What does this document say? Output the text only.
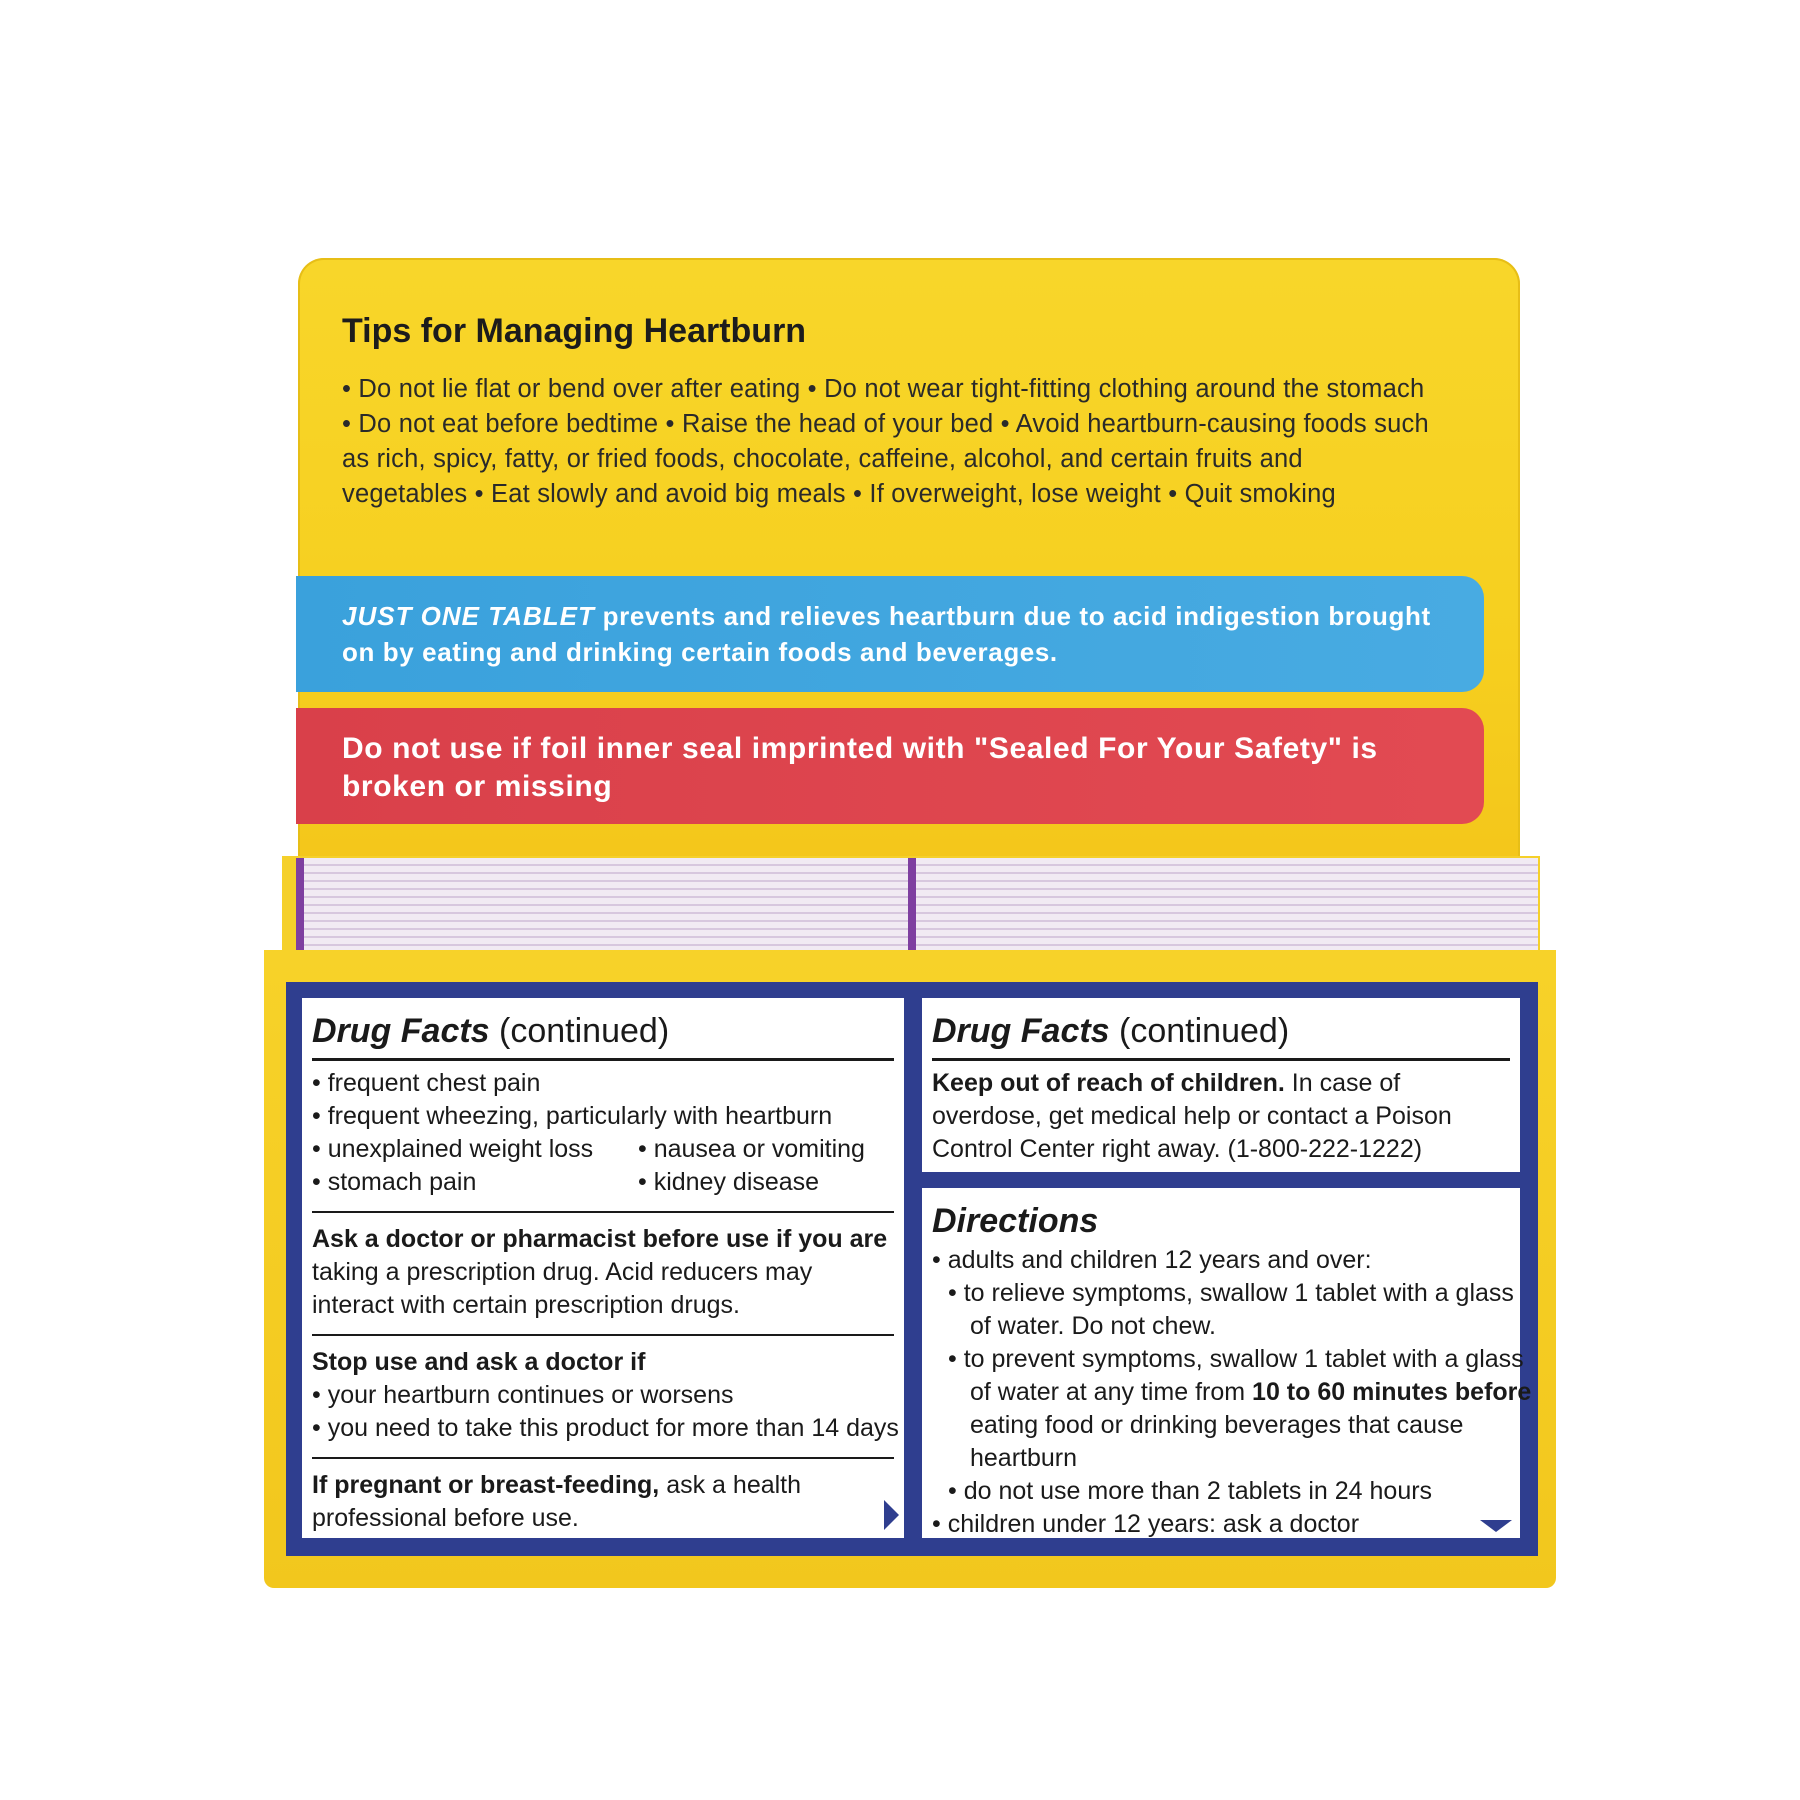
Tips for Managing Heartburn

• Do not lie flat or bend over after eating • Do not wear tight-fitting clothing around the stomach • Do not eat before bedtime • Raise the head of your bed • Avoid heartburn-causing foods such as rich, spicy, fatty, or fried foods, chocolate, caffeine, alcohol, and certain fruits and vegetables • Eat slowly and avoid big meals • If overweight, lose weight • Quit smoking

JUST ONE TABLET prevents and relieves heartburn due to acid indigestion brought on by eating and drinking certain foods and beverages.
Do not use if foil inner seal imprinted with "Sealed For Your Safety" is broken or missing

Drug Facts (continued)

• frequent chest pain

• frequent wheezing, particularly with heartburn

• unexplained weight loss	• nausea or vomiting

• stomach pain	• kidney disease

Ask a doctor or pharmacist before use if you are

taking a prescription drug. Acid reducers may interact with certain prescription drugs.

Stop use and ask a doctor if

• your heartburn continues or worsens

• you need to take this product for more than 14 days

If pregnant or breast-feeding, ask a health professional before use.

Drug Facts (continued)

Keep out of reach of children. In case of overdose, get medical help or contact a Poison Control Center right away. (1-800-222-1222)

Directions

• adults and children 12 years and over:

• to relieve symptoms, swallow 1 tablet with a glass

of water. Do not chew.

• to prevent symptoms, swallow 1 tablet with a glass

of water at any time from 10 to 60 minutes before

eating food or drinking beverages that cause

heartburn

• do not use more than 2 tablets in 24 hours

• children under 12 years: ask a doctor
